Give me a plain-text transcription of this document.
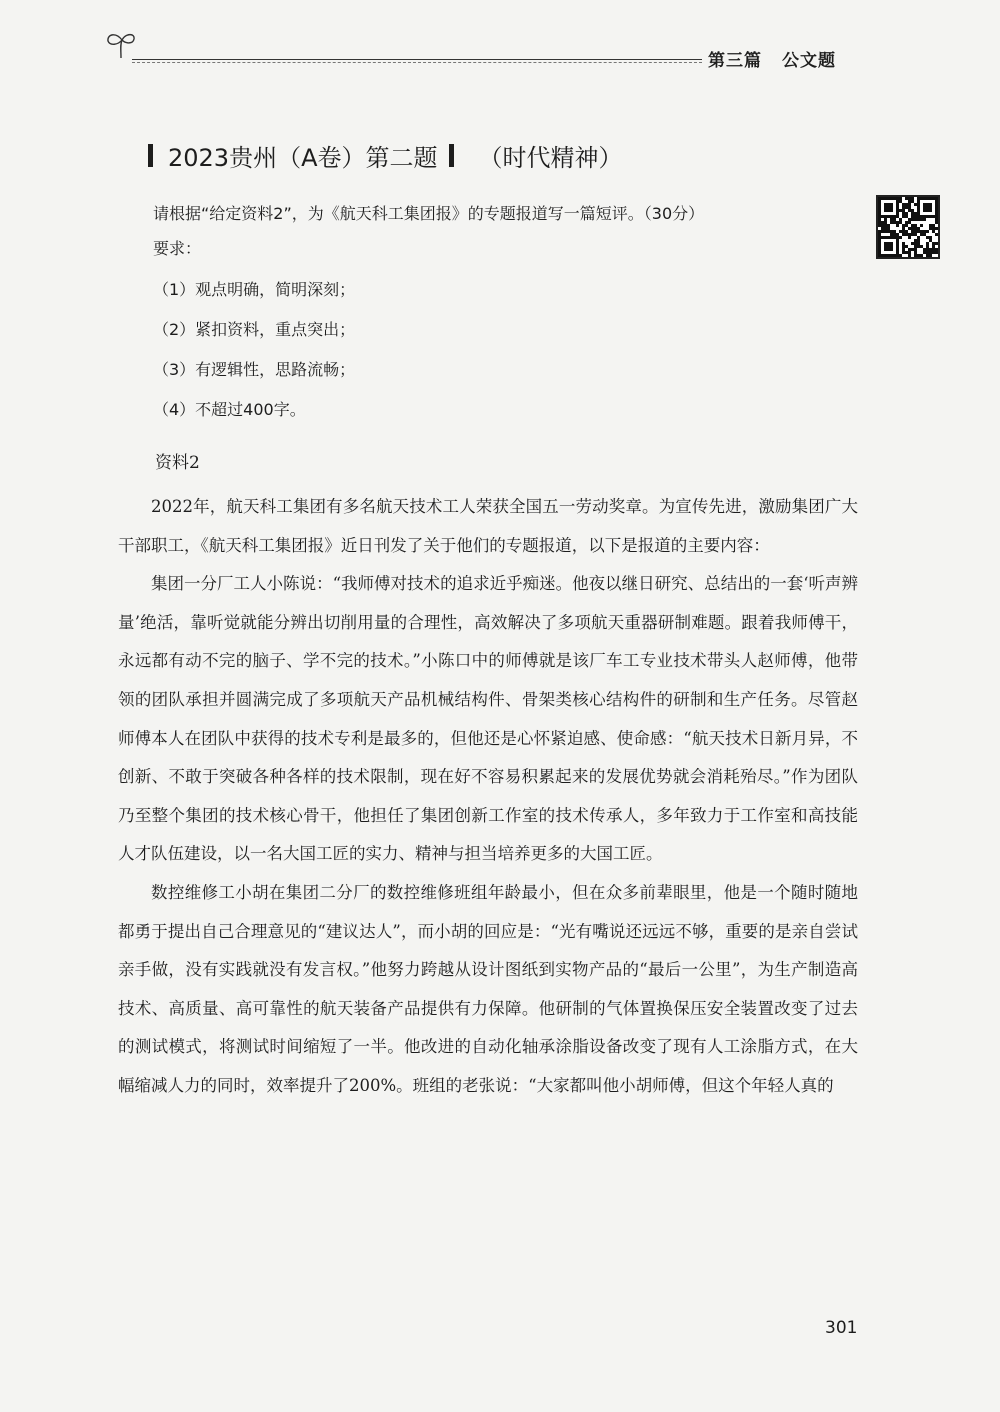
第三篇 公文题
2023贵州（A卷）第二题 （时代精神）

请根据“给定资料2”，为《航天科工集团报》的专题报道写一篇短评。（30分）

要求：

（1）观点明确，简明深刻；

（2）紧扣资料，重点突出；

（3）有逻辑性，思路流畅；

（4）不超过400字。

资料2

2022年，航天科工集团有多名航天技术工人荣获全国五一劳动奖章。为宣传先进，激励集团广大干部职工，《航天科工集团报》近日刊发了关于他们的专题报道，以下是报道的主要内容：

集团一分厂工人小陈说：“我师傅对技术的追求近乎痴迷。他夜以继日研究、总结出的一套‘听声辨量’绝活，靠听觉就能分辨出切削用量的合理性，高效解决了多项航天重器研制难题。跟着我师傅干，永远都有动不完的脑子、学不完的技术。”小陈口中的师傅就是该厂车工专业技术带头人赵师傅，他带领的团队承担并圆满完成了多项航天产品机械结构件、骨架类核心结构件的研制和生产任务。尽管赵师傅本人在团队中获得的技术专利是最多的，但他还是心怀紧迫感、使命感：“航天技术日新月异，不创新、不敢于突破各种各样的技术限制，现在好不容易积累起来的发展优势就会消耗殆尽。”作为团队乃至整个集团的技术核心骨干，他担任了集团创新工作室的技术传承人，多年致力于工作室和高技能人才队伍建设，以一名大国工匠的实力、精神与担当培养更多的大国工匠。

数控维修工小胡在集团二分厂的数控维修班组年龄最小，但在众多前辈眼里，他是一个随时随地都勇于提出自己合理意见的“建议达人”，而小胡的回应是：“光有嘴说还远远不够，重要的是亲自尝试亲手做，没有实践就没有发言权。”他努力跨越从设计图纸到实物产品的“最后一公里”，为生产制造高技术、高质量、高可靠性的航天装备产品提供有力保障。他研制的气体置换保压安全装置改变了过去的测试模式，将测试时间缩短了一半。他改进的自动化轴承涂脂设备改变了现有人工涂脂方式，在大幅缩减人力的同时，效率提升了200%。班组的老张说：“大家都叫他小胡师傅，但这个年轻人真的

301
